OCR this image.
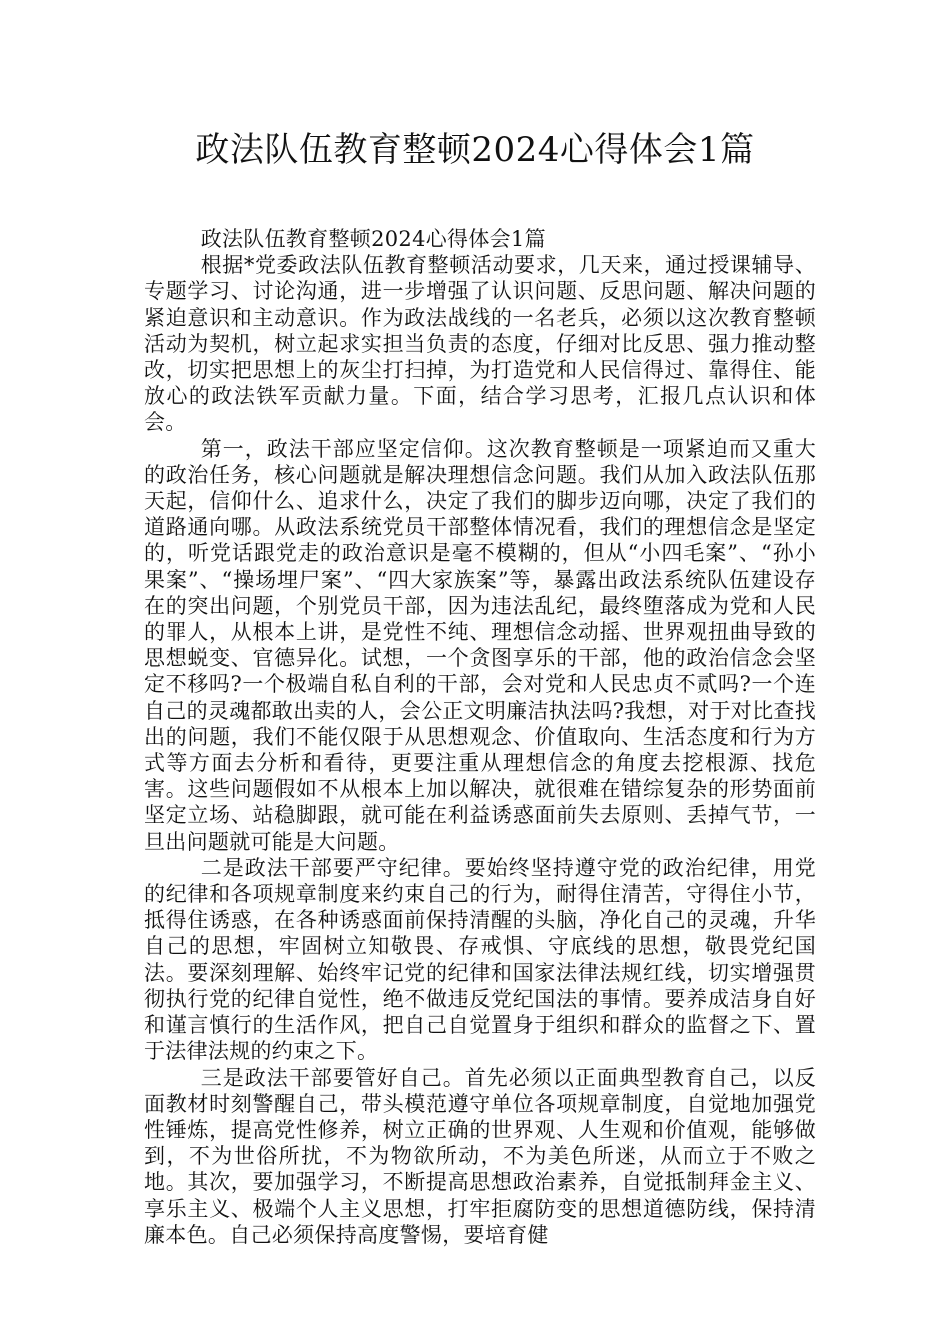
政法队伍教育整顿2024心得体会1篇

政法队伍教育整顿2024心得体会1篇

根据*党委政法队伍教育整顿活动要求，几天来，通过授课辅导、专题学习、讨论沟通，进一步增强了认识问题、反思问题、解决问题的紧迫意识和主动意识。作为政法战线的一名老兵，必须以这次教育整顿活动为契机，树立起求实担当负责的态度，仔细对比反思、强力推动整改，切实把思想上的灰尘打扫掉，为打造党和人民信得过、靠得住、能放心的政法铁军贡献力量。下面，结合学习思考，汇报几点认识和体会。

第一，政法干部应坚定信仰。这次教育整顿是一项紧迫而又重大的政治任务，核心问题就是解决理想信念问题。我们从加入政法队伍那天起，信仰什么、追求什么，决定了我们的脚步迈向哪，决定了我们的道路通向哪。从政法系统党员干部整体情况看，我们的理想信念是坚定的，听党话跟党走的政治意识是毫不模糊的，但从“小四毛案”、“孙小果案”、“操场埋尸案”、“四大家族案”等，暴露出政法系统队伍建设存在的突出问题，个别党员干部，因为违法乱纪，最终堕落成为党和人民的罪人，从根本上讲，是党性不纯、理想信念动摇、世界观扭曲导致的思想蜕变、官德异化。试想，一个贪图享乐的干部，他的政治信念会坚定不移吗?一个极端自私自利的干部，会对党和人民忠贞不贰吗?一个连自己的灵魂都敢出卖的人，会公正文明廉洁执法吗?我想，对于对比查找出的问题，我们不能仅限于从思想观念、价值取向、生活态度和行为方式等方面去分析和看待，更要注重从理想信念的角度去挖根源、找危害。这些问题假如不从根本上加以解决，就很难在错综复杂的形势面前坚定立场、站稳脚跟，就可能在利益诱惑面前失去原则、丢掉气节，一旦出问题就可能是大问题。

二是政法干部要严守纪律。要始终坚持遵守党的政治纪律，用党的纪律和各项规章制度来约束自己的行为，耐得住清苦，守得住小节，抵得住诱惑，在各种诱惑面前保持清醒的头脑，净化自己的灵魂，升华自己的思想，牢固树立知敬畏、存戒惧、守底线的思想，敬畏党纪国法。要深刻理解、始终牢记党的纪律和国家法律法规红线，切实增强贯彻执行党的纪律自觉性，绝不做违反党纪国法的事情。要养成洁身自好和谨言慎行的生活作风，把自己自觉置身于组织和群众的监督之下、置于法律法规的约束之下。

三是政法干部要管好自己。首先必须以正面典型教育自己，以反面教材时刻警醒自己，带头模范遵守单位各项规章制度，自觉地加强党性锤炼，提高党性修养，树立正确的世界观、人生观和价值观，能够做到，不为世俗所扰，不为物欲所动，不为美色所迷，从而立于不败之地。其次，要加强学习，不断提高思想政治素养，自觉抵制拜金主义、享乐主义、极端个人主义思想，打牢拒腐防变的思想道德防线，保持清廉本色。自己必须保持高度警惕，要培育健
